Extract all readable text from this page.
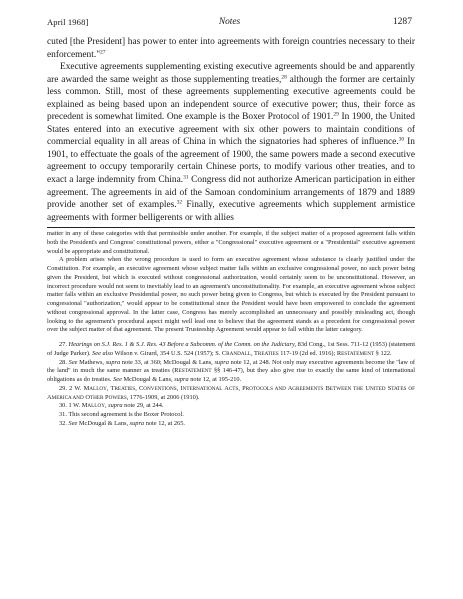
April 1968]	Notes	1287

cuted [the President] has power to enter into agreements with foreign countries necessary to their enforcement."$^{27}$

Executive agreements supplementing existing executive agreements should be and apparently are awarded the same weight as those supplementing treaties,$^{28}$ although the former are certainly less common. Still, most of these agreements supplementing executive agreements could be explained as being based upon an independent source of executive power; thus, their force as precedent is somewhat limited. One example is the Boxer Protocol of 1901.29 In 1900, the United States entered into an executive agreement with six other powers to maintain conditions of commercial equality in all areas of China in which the signatories had spheres of influence.$^{30}$ In 1901, to effectuate the goals of the agreement of 1900, the same powers made a second executive agreement to occupy temporarily certain Chinese ports, to modify various other treaties, and to exact a large indemnity from China.$^{31}$ Congress did not authorize American participation in either agreement. The agreements in aid of the Samoan condominium arrangements of 1879 and 1889 provide another set of examples.$^{32}$ Finally, executive agreements which supplement armistice agreements with former belligerents or with allies

matter in any of these categories with that permissible under another. For example, if the subject matter of a proposed agreement falls within both the President's and Congress' constitutional powers, either a "Congressional" executive agreement or a "Presidential" executive agreement would be appropriate and constitutional.

A problem arises when the wrong procedure is used to form an executive agreement whose substance is clearly justified under the Constitution. For example, an executive agreement whose subject matter falls within an exclusive congressional power, no such power being given the President, but which is executed without congressional authorization, would certainly seem to be unconstitutional. However, an incorrect procedure would not seem to inevitably lead to an agreement's unconstitutionality. For example, an executive agreement whose subject matter falls within an exclusive Presidential power, no such power being given to Congress, but which is executed by the President pursuant to congressional "authorization," would appear to be constitutional since the President would have been empowered to conclude the agreement without congressional approval. In the latter case, Congress has merely accomplished an unnecessary and possibly misleading act, though looking to the agreement's procedural aspect might well lead one to believe that the agreement stands as a precedent for congressional power over the subject matter of that agreement. The present Trusteeship Agreement would appear to fall within the latter category.

27. Hearings on S.J. Res. 1 & S.J. Res. 43 Before a Subcomm. of the Comm. on the Judiciary, 83d Cong., 1st Sess. 711-12 (1953) (statement of Judge Parker). See also Wilson v. Girard, 354 U.S. 524 (1957); S. CRANDALL, TREATIES 117-19 (2d ed. 1916); RESTATEMENT § 122.

28. See Mathews, supra note 33, at 360; McDougal & Lans, supra note 12, at 248. Not only may executive agreements become the "law of the land" in much the same manner as treaties (RESTATEMENT §§ 146-47), but they also give rise to exactly the same kind of international obligations as do treaties. See McDougal & Lans, supra note 12, at 195-210.

29. 2 W. MALLOY, TREATIES, CONVENTIONS, INTERNATIONAL ACTS, PROTOCOLS AND AGREEMENTS BETWEEN THE UNITED STATES OF AMERICA AND OTHER POWERS, 1776-1909, at 2006 (1910).

30. 1 W. MALLOY, supra note 29, at 244.

31. This second agreement is the Boxer Protocol.

32. See McDougal & Lans, supra note 12, at 265.
